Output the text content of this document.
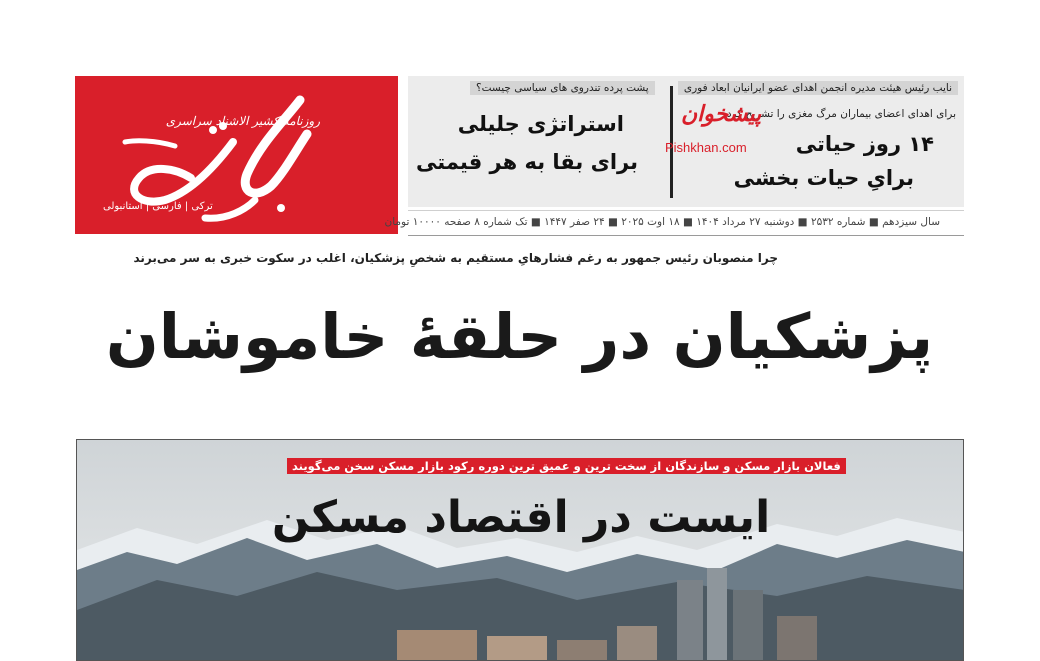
روزنامه کشیر الاشناد سراسری
ترکی | فارسی | استانبولی
پشت پرده تندروی های سیاسی چیست؟
استراتژی جلیلی
برای بقا به هر قیمتی
نایب رئیس هیئت مدیره انجمن اهدای عضو ایرانیان ابعاد فوری
برای اهدای اعضای بیماران مرگ مغزی را تشریح کرد
۱۴ روز حیاتی
برایِ حیات بخشی
پیشخوان
Pishkhan.com
سال سیزدهم ■ شماره ۲۵۳۲ ■ دوشنبه ۲۷ مرداد ۱۴۰۴ ■ ۱۸ اوت ۲۰۲۵ ■ ۲۴ صفر ۱۴۴۷ ■ تک شماره ۸ صفحه ۱۰۰۰۰ تومان
چرا منصوبان رئیس جمهور به رغم فشارهایِ مستقیم به شخصِ پزشکیان، اغلب در سکوت خبری به سر می‌برند
پزشکیان در حلقهٔ خاموشان
فعالان بازار مسکن و سازندگان از سخت ترین و عمیق ترین دوره رکود بازار مسکن سخن می‌گویند
ایست در اقتصاد مسکن
